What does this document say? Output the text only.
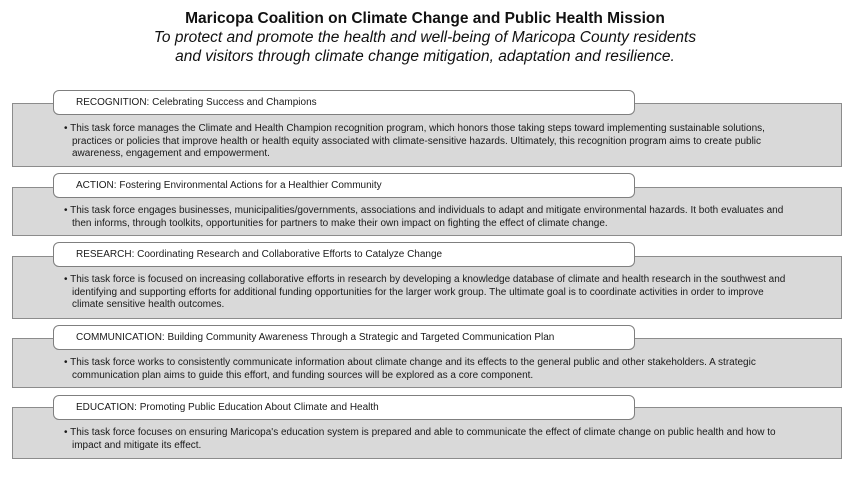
Maricopa Coalition on Climate Change and Public Health Mission

To protect and promote the health and well-being of Maricopa County residents

and visitors through climate change mitigation, adaptation and resilience.

• This task force manages the Climate and Health Champion recognition program, which honors those taking steps toward implementing sustainable solutions, practices or policies that improve health or health equity associated with climate-sensitive hazards. Ultimately, this recognition program aims to create public awareness, engagement and empowerment.
RECOGNITION: Celebrating Success and Champions
• This task force engages businesses, municipalities/governments, associations and individuals to adapt and mitigate environmental hazards. It both evaluates and then informs, through toolkits, opportunities for partners to make their own impact on fighting the effect of climate change.
ACTION: Fostering Environmental Actions for a Healthier Community
• This task force is focused on increasing collaborative efforts in research by developing a knowledge database of climate and health research in the southwest and identifying and supporting efforts for additional funding opportunities for the larger work group. The ultimate goal is to coordinate activities in order to improve climate sensitive health outcomes.
RESEARCH: Coordinating Research and Collaborative Efforts to Catalyze Change
• This task force works to consistently communicate information about climate change and its effects to the general public and other stakeholders. A strategic communication plan aims to guide this effort, and funding sources will be explored as a core component.
COMMUNICATION: Building Community Awareness Through a Strategic and Targeted Communication Plan
• This task force focuses on ensuring Maricopa's education system is prepared and able to communicate the effect of climate change on public health and how to impact and mitigate its effect.
EDUCATION: Promoting Public Education About Climate and Health
